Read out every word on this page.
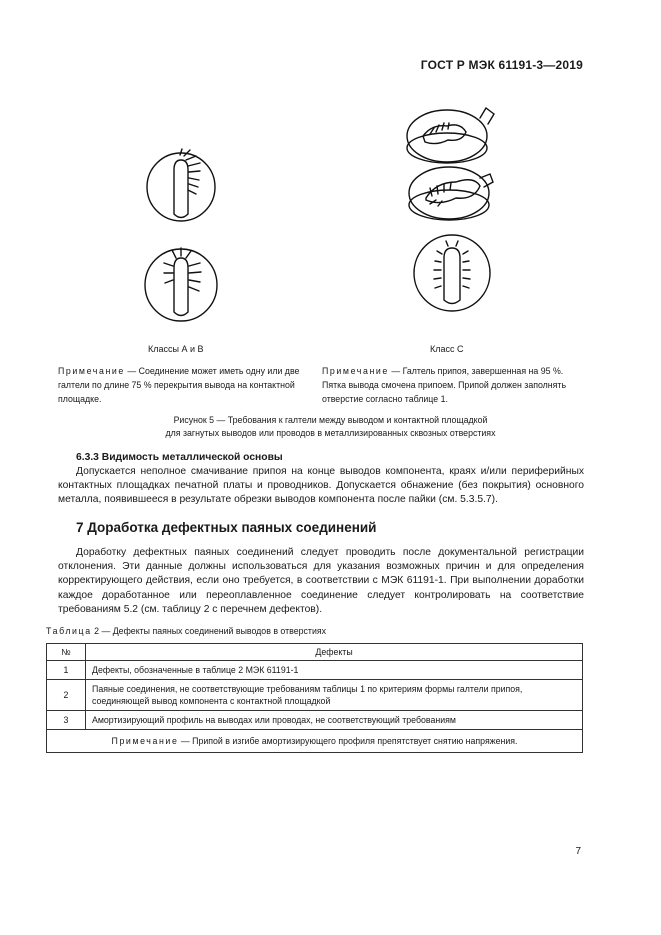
ГОСТ Р МЭК 61191-3—2019
Классы А и В	Класс С
Примечание — Соединение может иметь одну или две галтели по длине 75 % перекрытия вывода на контактной площадке.
Примечание — Галтель припоя, завершенная на 95 %. Пятка вывода смочена припоем. Припой должен заполнять отверстие согласно таблице 1.
Рисунок 5 — Требования к галтели между выводом и контактной площадкой
для загнутых выводов или проводов в металлизированных сквозных отверстиях
6.3.3 Видимость металлической основы
Допускается неполное смачивание припоя на конце выводов компонента, краях и/или периферийных контактных площадках печатной платы и проводников. Допускается обнажение (без покрытия) основного металла, появившееся в результате обрезки выводов компонента после пайки (см. 5.3.5.7).
7 Доработка дефектных паяных соединений
Доработку дефектных паяных соединений следует проводить после документальной регистрации отклонения. Эти данные должны использоваться для указания возможных причин и для определения корректирующего действия, если оно требуется, в соответствии с МЭК 61191-1. При выполнении доработки каждое доработанное или переоплавленное соединение следует контролировать на соответствие требованиям 5.2 (см. таблицу 2 с перечнем дефектов).
Таблица 2 — Дефекты паяных соединений выводов в отверстиях
№	Дефекты
1	Дефекты, обозначенные в таблице 2 МЭК 61191-1
2	Паяные соединения, не соответствующие требованиям таблицы 1 по критериям формы галтели припоя, соединяющей вывод компонента с контактной площадкой
3	Амортизирующий профиль на выводах или проводах, не соответствующий требованиям
Примечание — Припой в изгибе амортизирующего профиля препятствует снятию напряжения.	
7
